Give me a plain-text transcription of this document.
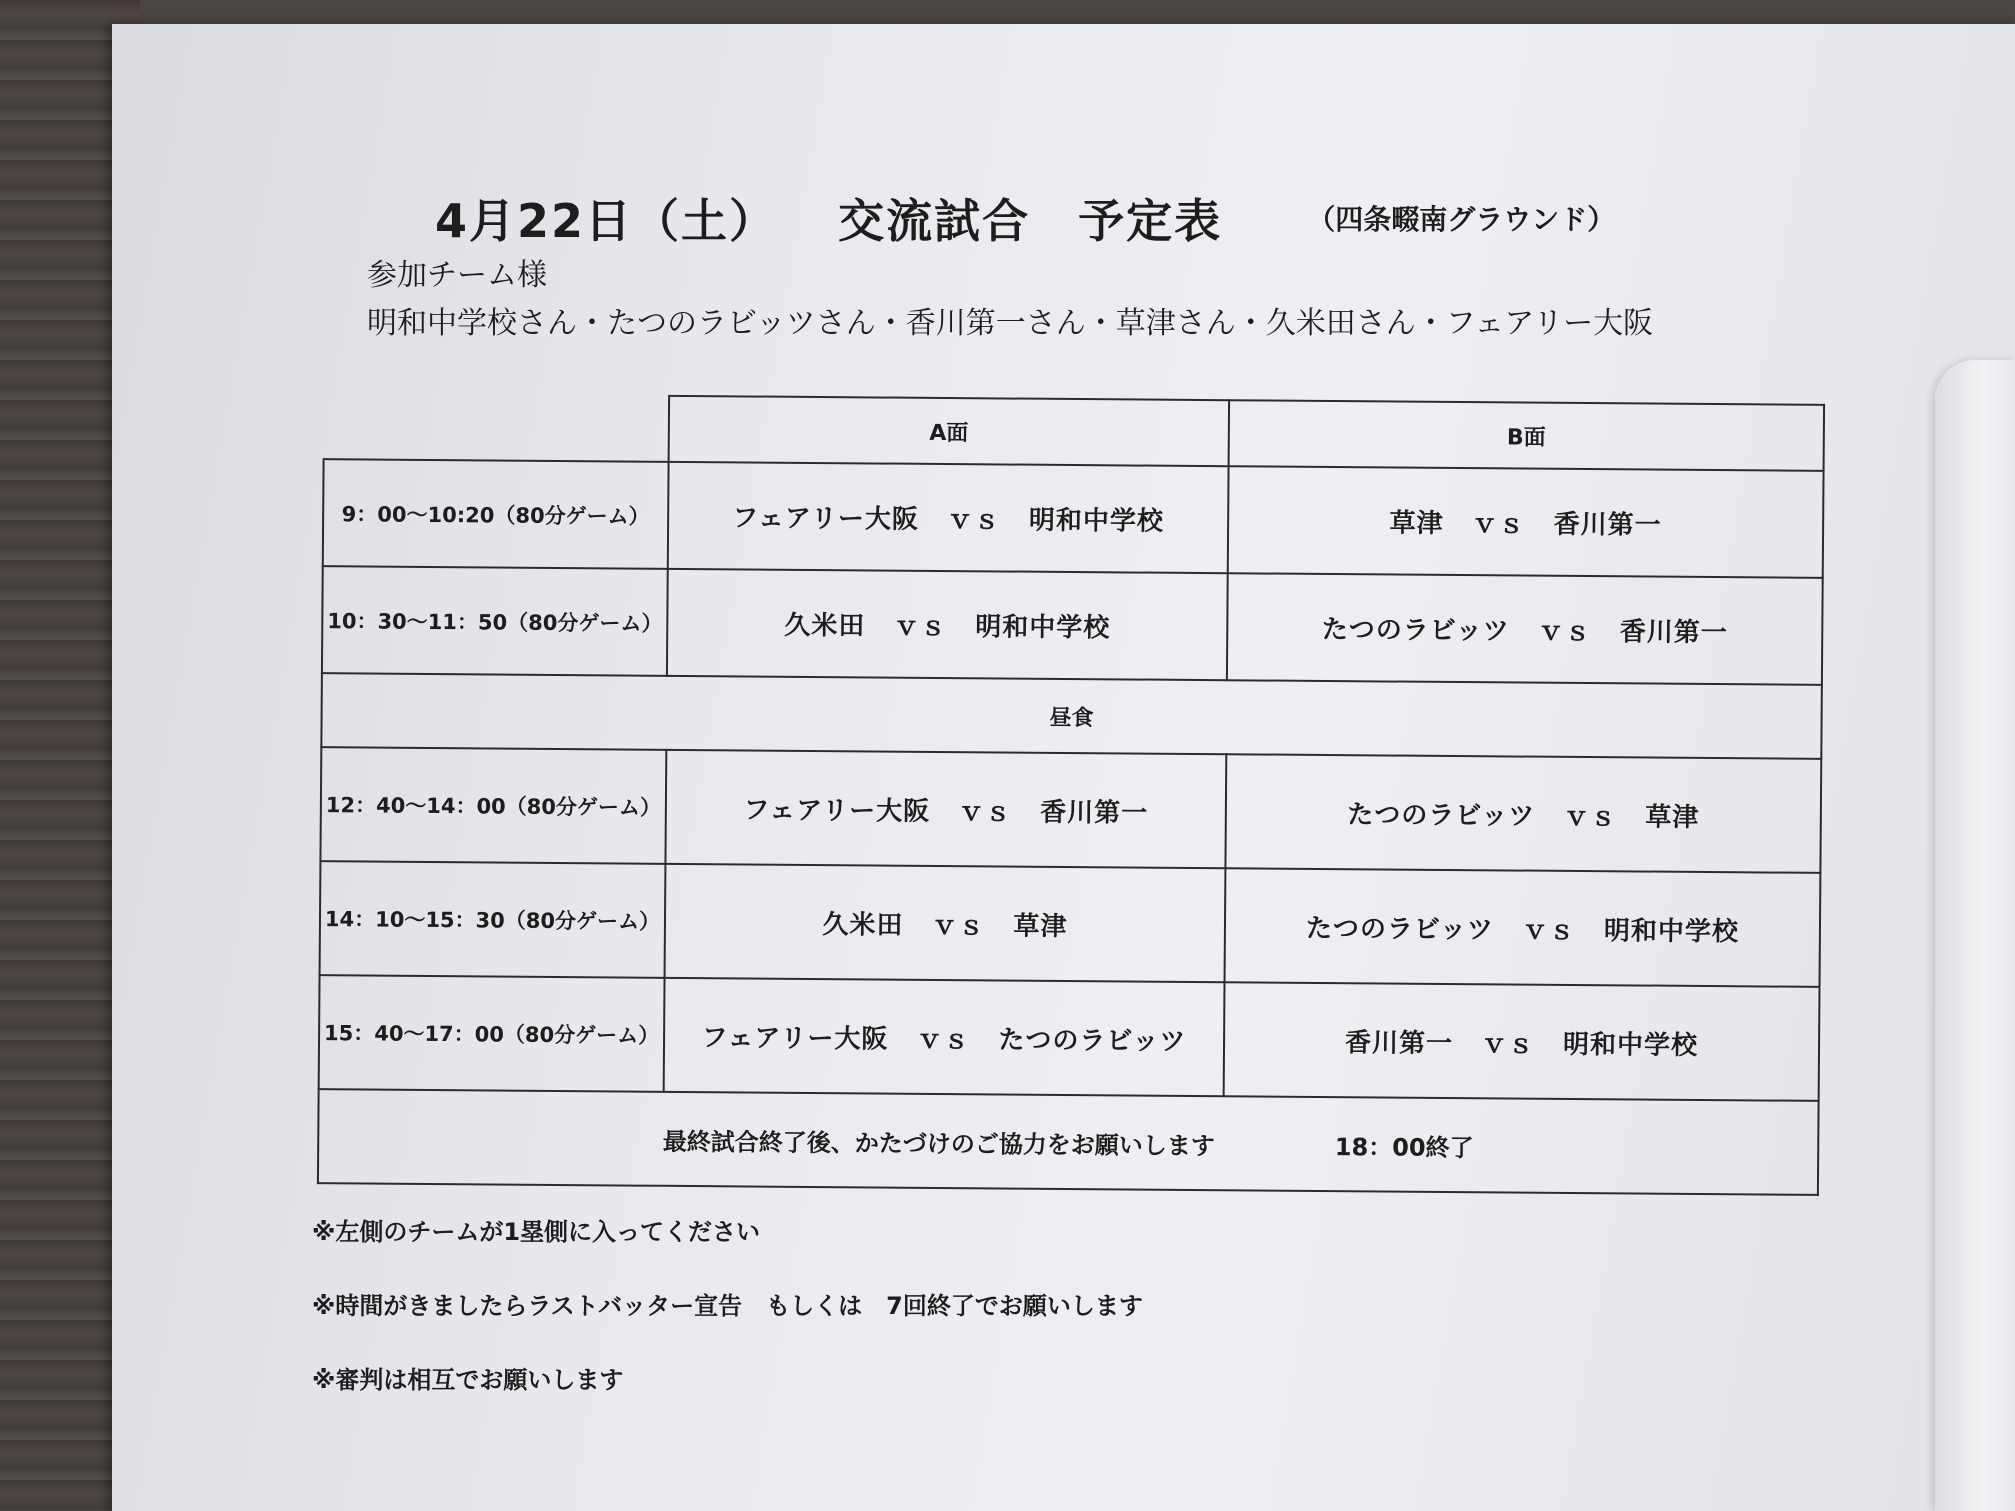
4月22日（土） 交流試合　予定表	（四条畷南グラウンド）
参加チーム様
明和中学校さん・たつのラビッツさん・香川第一さん・草津さん・久米田さん・フェアリー大阪
	A面	B面
9：00～10:20（80分ゲーム）	フェアリー大阪 ｖｓ 明和中学校	草津 ｖｓ 香川第一
10：30～11：50（80分ゲーム）	久米田 ｖｓ 明和中学校	たつのラビッツ ｖｓ 香川第一
昼食		
12：40～14：00（80分ゲーム）	フェアリー大阪 ｖｓ 香川第一	たつのラビッツ ｖｓ 草津
14：10～15：30（80分ゲーム）	久米田 ｖｓ 草津	たつのラビッツ ｖｓ 明和中学校
15：40～17：00（80分ゲーム）	フェアリー大阪 ｖｓ たつのラビッツ	香川第一 ｖｓ 明和中学校
最終試合終了後、かたづけのご協力をお願いします 18：00終了		
※左側のチームが1塁側に入ってください
※時間がきましたらラストバッター宣告　もしくは　7回終了でお願いします
※審判は相互でお願いします
